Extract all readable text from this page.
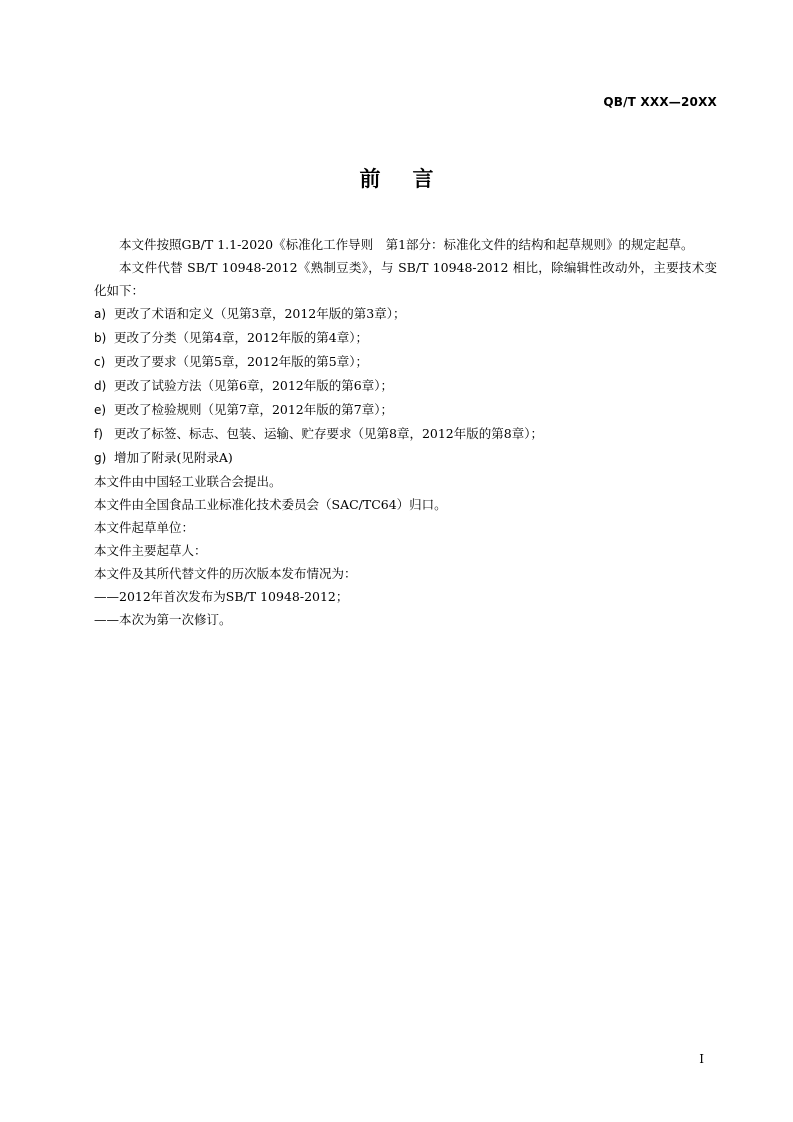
QB/T XXX—20XX
前言

本文件按照GB/T 1.1-2020《标准化工作导则　第1部分：标准化文件的结构和起草规则》的规定起草。

本文件代替 SB/T 10948-2012《熟制豆类》，与 SB/T 10948-2012 相比，除编辑性改动外，主要技术变化如下：

a) 更改了术语和定义（见第3章，2012年版的第3章）；

b) 更改了分类（见第4章，2012年版的第4章）；

c) 更改了要求（见第5章，2012年版的第5章）；

d) 更改了试验方法（见第6章，2012年版的第6章）；

e) 更改了检验规则（见第7章，2012年版的第7章）；

f) 更改了标签、标志、包装、运输、贮存要求（见第8章，2012年版的第8章）；

g) 增加了附录(见附录A)

本文件由中国轻工业联合会提出。

本文件由全国食品工业标准化技术委员会（SAC/TC64）归口。

本文件起草单位：

本文件主要起草人：

本文件及其所代替文件的历次版本发布情况为：

——2012年首次发布为SB/T 10948-2012；

——本次为第一次修订。

I
